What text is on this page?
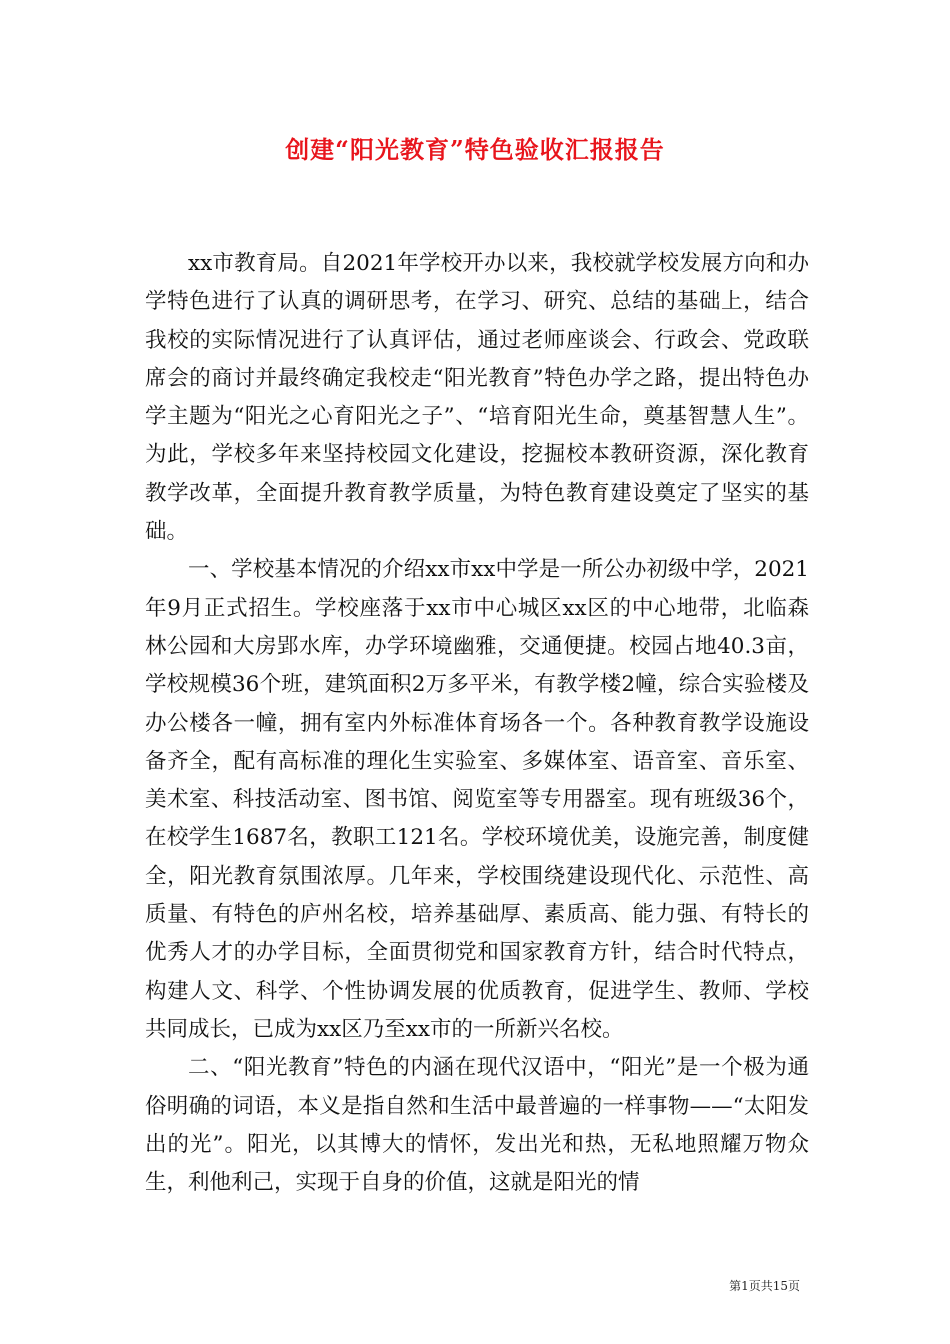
创建“阳光教育”特色验收汇报报告

xx市教育局。自2021年学校开办以来，我校就学校发展方向和办学特色进行了认真的调研思考，在学习、研究、总结的基础上，结合我校的实际情况进行了认真评估，通过老师座谈会、行政会、党政联席会的商讨并最终确定我校走“阳光教育”特色办学之路，提出特色办学主题为“阳光之心育阳光之子”、“培育阳光生命，奠基智慧人生”。为此，学校多年来坚持校园文化建设，挖掘校本教研资源，深化教育教学改革，全面提升教育教学质量，为特色教育建设奠定了坚实的基础。

一、学校基本情况的介绍xx市xx中学是一所公办初级中学，2021年9月正式招生。学校座落于xx市中心城区xx区的中心地带，北临森林公园和大房郢水库，办学环境幽雅，交通便捷。校园占地40.3亩，学校规模36个班，建筑面积2万多平米，有教学楼2幢，综合实验楼及办公楼各一幢，拥有室内外标准体育场各一个。各种教育教学设施设备齐全，配有高标准的理化生实验室、多媒体室、语音室、音乐室、美术室、科技活动室、图书馆、阅览室等专用器室。现有班级36个，在校学生1687名，教职工121名。学校环境优美，设施完善，制度健全，阳光教育氛围浓厚。几年来，学校围绕建设现代化、示范性、高质量、有特色的庐州名校，培养基础厚、素质高、能力强、有特长的优秀人才的办学目标，全面贯彻党和国家教育方针，结合时代特点，构建人文、科学、个性协调发展的优质教育，促进学生、教师、学校共同成长，已成为xx区乃至xx市的一所新兴名校。

二、“阳光教育”特色的内涵在现代汉语中，“阳光”是一个极为通俗明确的词语，本义是指自然和生活中最普遍的一样事物——“太阳发出的光”。阳光，以其博大的情怀，发出光和热，无私地照耀万物众生，利他利己，实现于自身的价值，这就是阳光的情

第1页共15页
